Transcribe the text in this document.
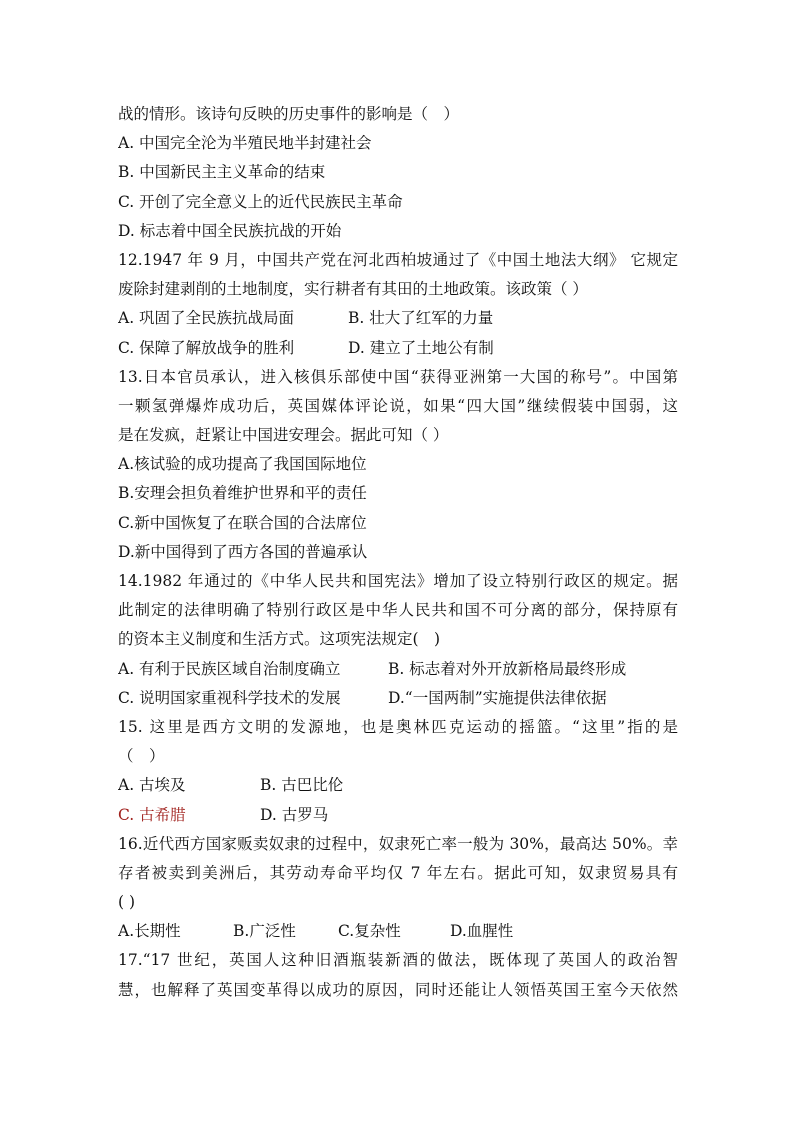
战的情形。该诗句反映的历史事件的影响是（　）
A. 中国完全沦为半殖民地半封建社会
B. 中国新民主主义革命的结束
C. 开创了完全意义上的近代民族民主革命
D. 标志着中国全民族抗战的开始
12.1947 年 9 月，中国共产党在河北西柏坡通过了《中国土地法大纲》 它规定
废除封建剥削的土地制度，实行耕者有其田的土地政策。该政策（ ）
A. 巩固了全民族抗战局面	B. 壮大了红军的力量
C. 保障了解放战争的胜利	D. 建立了土地公有制
13.日本官员承认，进入核俱乐部使中国“获得亚洲第一大国的称号”。中国第
一颗氢弹爆炸成功后，英国媒体评论说，如果“四大国”继续假装中国弱，这
是在发疯，赶紧让中国进安理会。据此可知（ ）
A.核试验的成功提高了我国国际地位
B.安理会担负着维护世界和平的责任
C.新中国恢复了在联合国的合法席位
D.新中国得到了西方各国的普遍承认
14.1982 年通过的《中华人民共和国宪法》增加了设立特别行政区的规定。据
此制定的法律明确了特别行政区是中华人民共和国不可分离的部分，保持原有
的资本主义制度和生活方式。这项宪法规定(　)
A. 有利于民族区域自治制度确立	B. 标志着对外开放新格局最终形成
C. 说明国家重视科学技术的发展	D.“一国两制”实施提供法律依据
15. 这里是西方文明的发源地，也是奥林匹克运动的摇篮。“这里”指的是
（　）
A. 古埃及	B. 古巴比伦
C. 古希腊	D. 古罗马
16.近代西方国家贩卖奴隶的过程中，奴隶死亡率一般为 30%，最高达 50%。幸
存者被卖到美洲后，其劳动寿命平均仅 7 年左右。据此可知，奴隶贸易具有
( )
A.长期性	B.广泛性	C.复杂性	D.血腥性
17.“17 世纪，英国人这种旧酒瓶装新酒的做法，既体现了英国人的政治智
慧，也解释了英国变革得以成功的原因，同时还能让人领悟英国王室今天依然
